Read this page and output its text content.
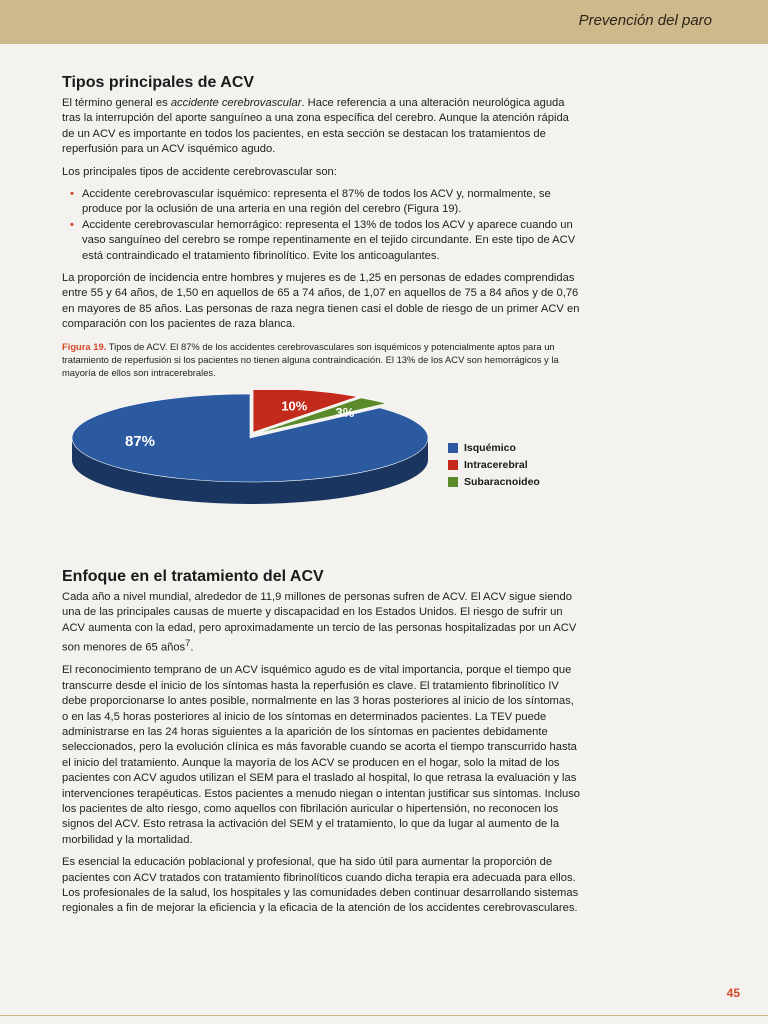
Prevención del paro
Tipos principales de ACV

El término general es accidente cerebrovascular. Hace referencia a una alteración neurológica aguda tras la interrupción del aporte sanguíneo a una zona específica del cerebro. Aunque la atención rápida de un ACV es importante en todos los pacientes, en esta sección se destacan los tratamientos de reperfusión para un ACV isquémico agudo.

Los principales tipos de accidente cerebrovascular son:

• Accidente cerebrovascular isquémico: representa el 87% de todos los ACV y, normalmente, se produce por la oclusión de una arteria en una región del cerebro (Figura 19).
• Accidente cerebrovascular hemorrágico: representa el 13% de todos los ACV y aparece cuando un vaso sanguíneo del cerebro se rompe repentinamente en el tejido circundante. En este tipo de ACV está contraindicado el tratamiento fibrinolítico. Evite los anticoagulantes.

La proporción de incidencia entre hombres y mujeres es de 1,25 en personas de edades comprendidas entre 55 y 64 años, de 1,50 en aquellos de 65 a 74 años, de 1,07 en aquellos de 75 a 84 años y de 0,76 en mayores de 85 años. Las personas de raza negra tienen casi el doble de riesgo de un primer ACV en comparación con los pacientes de raza blanca.

Figura 19. Tipos de ACV. El 87% de los accidentes cerebrovasculares son isquémicos y potencialmente aptos para un tratamiento de reperfusión si los pacientes no tienen alguna contraindicación. El 13% de los ACV son hemorrágicos y la mayoría de ellos son intracerebrales.

87%
10% 3%
Isquémico
Intracerebral
Subaracnoideo
Enfoque en el tratamiento del ACV

Cada año a nivel mundial, alrededor de 11,9 millones de personas sufren de ACV. El ACV sigue siendo una de las principales causas de muerte y discapacidad en los Estados Unidos. El riesgo de sufrir un ACV aumenta con la edad, pero aproximadamente un tercio de las personas hospitalizadas por un ACV son menores de 65 años$^7$.

El reconocimiento temprano de un ACV isquémico agudo es de vital importancia, porque el tiempo que transcurre desde el inicio de los síntomas hasta la reperfusión es clave. El tratamiento fibrinolítico IV debe proporcionarse lo antes posible, normalmente en las 3 horas posteriores al inicio de los síntomas, o en las 4,5 horas posteriores al inicio de los síntomas en determinados pacientes. La TEV puede administrarse en las 24 horas siguientes a la aparición de los síntomas en pacientes debidamente seleccionados, pero la evolución clínica es más favorable cuando se acorta el tiempo transcurrido hasta el inicio del tratamiento. Aunque la mayoría de los ACV se producen en el hogar, solo la mitad de los pacientes con ACV agudos utilizan el SEM para el traslado al hospital, lo que retrasa la evaluación y las intervenciones terapéuticas. Estos pacientes a menudo niegan o intentan justificar sus síntomas. Incluso los pacientes de alto riesgo, como aquellos con fibrilación auricular o hipertensión, no reconocen los signos del ACV. Esto retrasa la activación del SEM y el tratamiento, lo que da lugar al aumento de la morbilidad y la mortalidad.

Es esencial la educación poblacional y profesional, que ha sido útil para aumentar la proporción de pacientes con ACV tratados con tratamiento fibrinolíticos cuando dicha terapia era adecuada para ellos. Los profesionales de la salud, los hospitales y las comunidades deben continuar desarrollando sistemas regionales a fin de mejorar la eficiencia y la eficacia de la atención de los accidentes cerebrovasculares.

45
